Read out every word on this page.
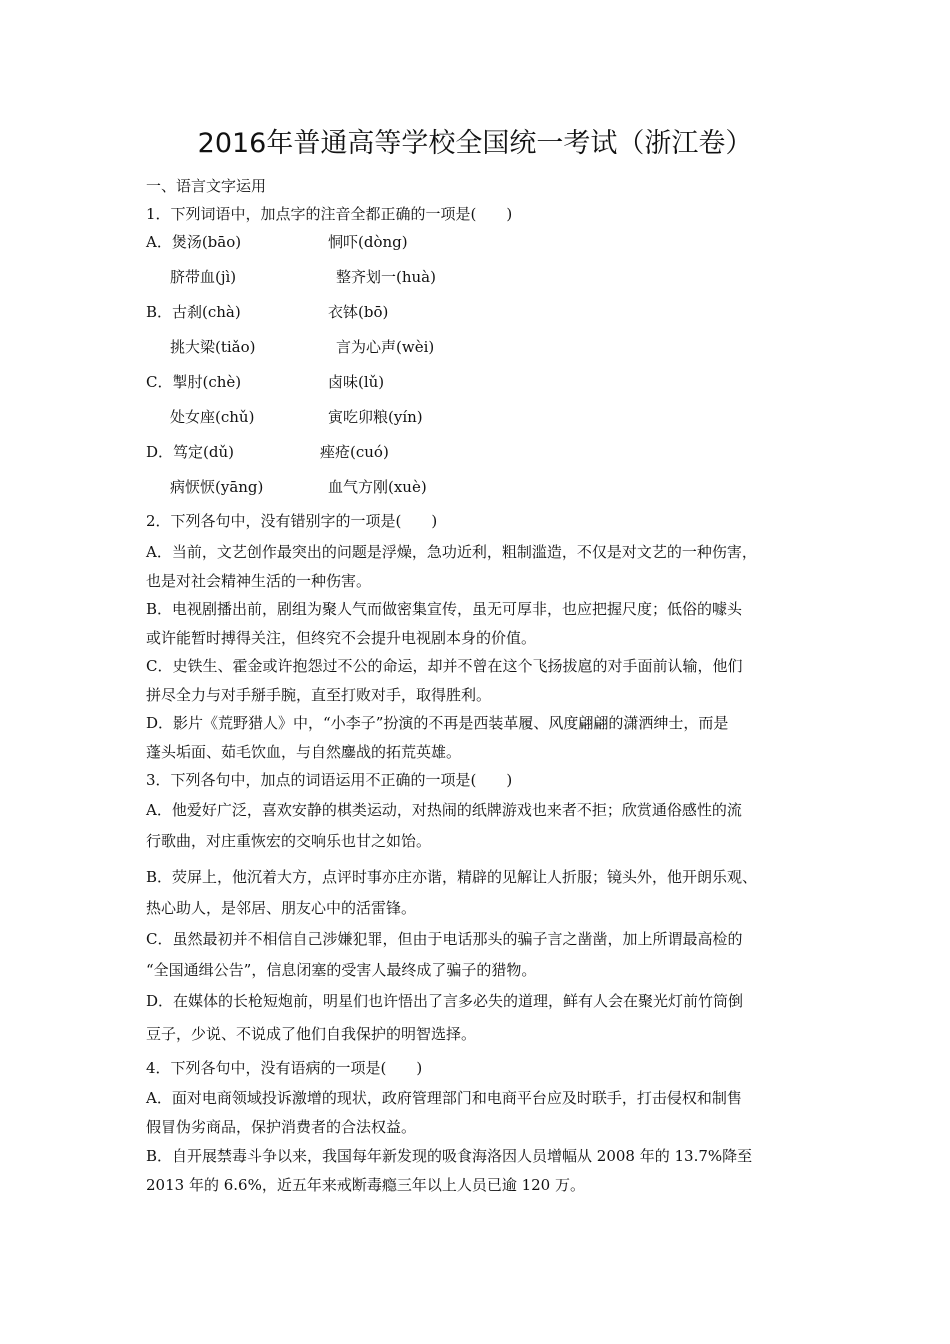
2016年普通高等学校全国统一考试（浙江卷）
一、语言文字运用
1．下列词语中，加点字的注音全都正确的一项是(　　)
A．煲汤(bāo)	恫吓(dòng)
脐带血(jì)	整齐划一(huà)
B．古刹(chà)	衣钵(bō)
挑大梁(tiǎo)	言为心声(wèi)
C．掣肘(chè)	卤味(lǔ)
处女座(chǔ)	寅吃卯粮(yín)
D．笃定(dǔ)	痤疮(cuó)
病恹恹(yāng)	血气方刚(xuè)
2．下列各句中，没有错别字的一项是(　　)
A．当前，文艺创作最突出的问题是浮燥，急功近利，粗制滥造，不仅是对文艺的一种伤害，
也是对社会精神生活的一种伤害。
B．电视剧播出前，剧组为聚人气而做密集宣传，虽无可厚非，也应把握尺度；低俗的噱头
或许能暂时搏得关注，但终究不会提升电视剧本身的价值。
C．史铁生、霍金或许抱怨过不公的命运，却并不曾在这个飞扬拔扈的对手面前认输，他们
拼尽全力与对手掰手腕，直至打败对手，取得胜利。
D．影片《荒野猎人》中，“小李子”扮演的不再是西装革履、风度翩翩的潇洒绅士，而是
蓬头垢面、茹毛饮血，与自然鏖战的拓荒英雄。
3．下列各句中，加点的词语运用不正确的一项是(　　)
A．他爱好广泛，喜欢安静的棋类运动，对热闹的纸牌游戏也来者不拒；欣赏通俗感性的流
行歌曲，对庄重恢宏的交响乐也甘之如饴。
B．荧屏上，他沉着大方，点评时事亦庄亦谐，精辟的见解让人折服；镜头外，他开朗乐观、
热心助人，是邻居、朋友心中的活雷锋。
C．虽然最初并不相信自己涉嫌犯罪，但由于电话那头的骗子言之凿凿，加上所谓最高检的
“全国通缉公告”，信息闭塞的受害人最终成了骗子的猎物。
D．在媒体的长枪短炮前，明星们也许悟出了言多必失的道理，鲜有人会在聚光灯前竹筒倒
豆子，少说、不说成了他们自我保护的明智选择。
4．下列各句中，没有语病的一项是(　　)
A．面对电商领域投诉激增的现状，政府管理部门和电商平台应及时联手，打击侵权和制售
假冒伪劣商品，保护消费者的合法权益。
B．自开展禁毒斗争以来，我国每年新发现的吸食海洛因人员增幅从 2008 年的 13.7%降至
2013 年的 6.6%，近五年来戒断毒瘾三年以上人员已逾 120 万。
